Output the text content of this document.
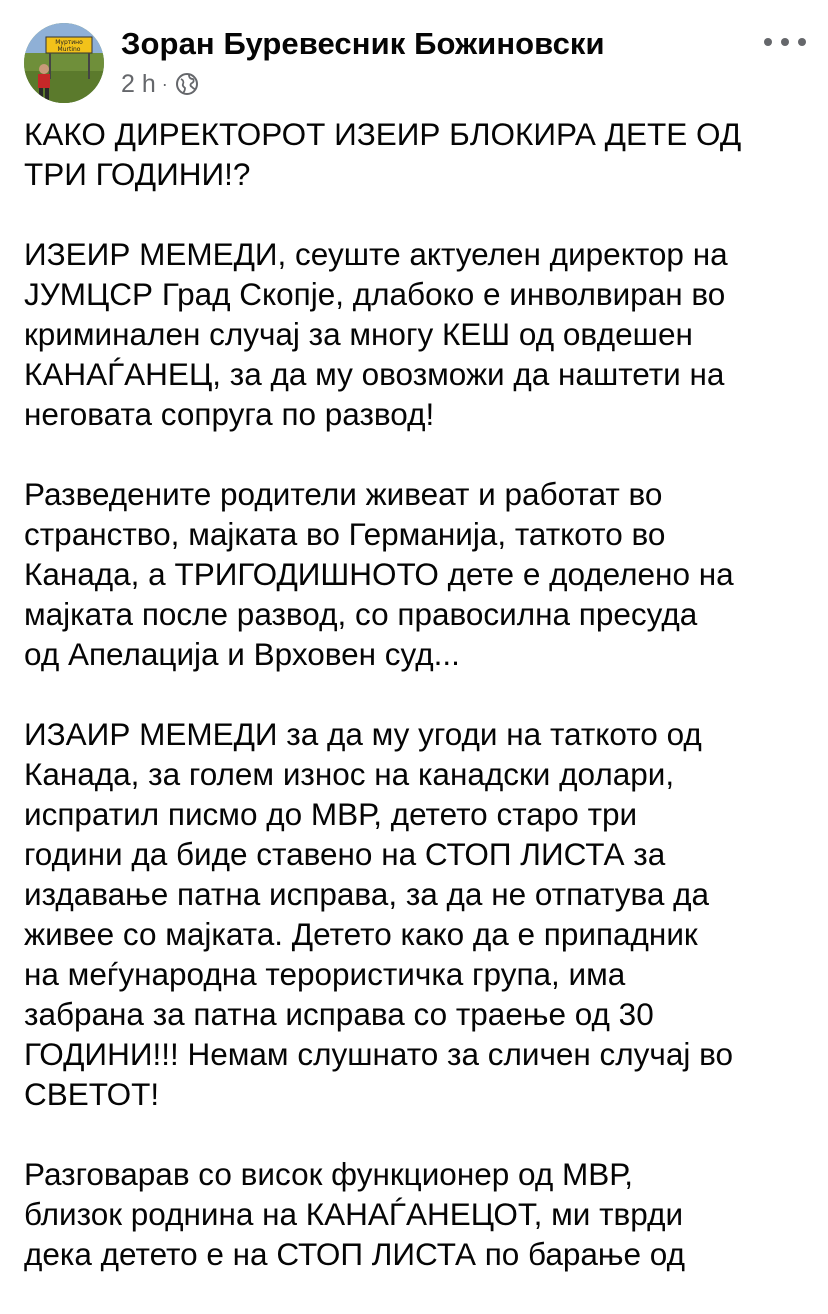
Муртино
Murtino Зоран Буревесник Божиновски
2 h ·

КАКО ДИРЕКТОРОТ ИЗЕИР БЛОКИРА ДЕТЕ ОД
ТРИ ГОДИНИ!?

ИЗЕИР МЕМЕДИ, сеуште актуелен директор на
ЈУМЦСР Град Скопје, длабоко е инволвиран во
криминален случај за многу КЕШ од овдешен
КАНАЃАНЕЦ, за да му овозможи да наштети на
неговата сопруга по развод!

Разведените родители живеат и работат во
странство, мајката во Германија, таткото во
Канада, а ТРИГОДИШНОТО дете е доделено на
мајката после развод, со правосилна пресуда
од Апелација и Врховен суд...

ИЗАИР МЕМЕДИ за да му угоди на таткото од
Канада, за голем износ на канадски долари,
испратил писмо до МВР, детето старо три
години да биде ставено на СТОП ЛИСТА за
издавање патна исправа, за да не отпатува да
живее со мајката. Детето како да е припадник
на меѓународна терористичка група, има
забрана за патна исправа со траење од 30
ГОДИНИ!!! Немам слушнато за сличен случај во
СВЕТОТ!

Разговарав со висок функционер од МВР,
близок роднина на КАНАЃАНЕЦОТ, ми тврди
дека детето е на СТОП ЛИСТА по барање од
